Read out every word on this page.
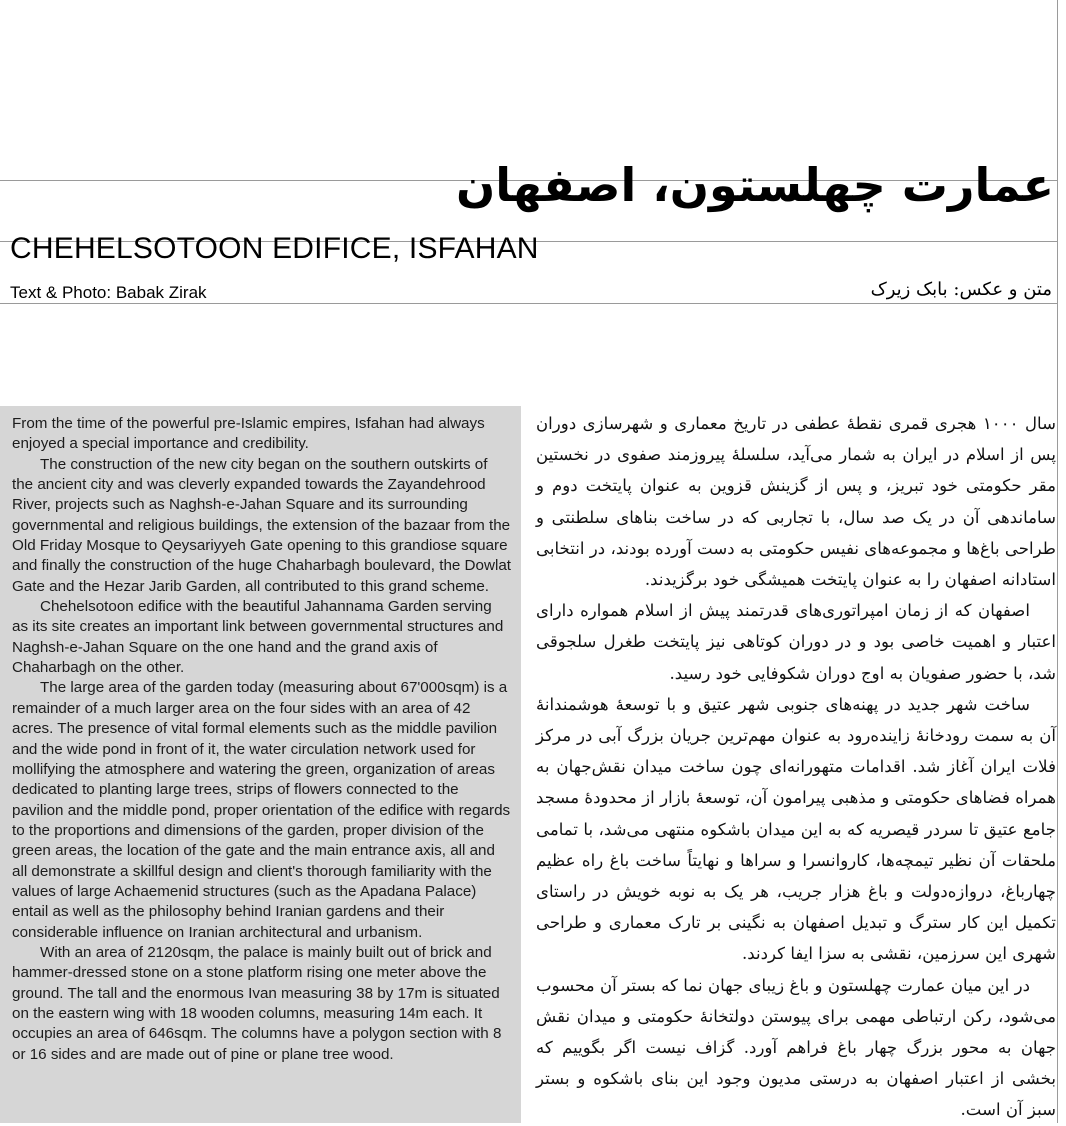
عمارت چهلستون، اصفهان
CHEHELSOTOON EDIFICE, ISFAHAN
Text & Photo: Babak Zirak	متن و عکس: بابک زیرک

From the time of the powerful pre-Islamic empires, Isfahan had always enjoyed a special importance and credibility.

The construction of the new city began on the southern outskirts of the ancient city and was cleverly expanded towards the Zayandehrood River, projects such as Naghsh-e-Jahan Square and its surrounding governmental and religious buildings, the extension of the bazaar from the Old Friday Mosque to Qeysariyyeh Gate opening to this grandiose square and finally the construction of the huge Chaharbagh boulevard, the Dowlat Gate and the Hezar Jarib Garden, all contributed to this grand scheme.

Chehelsotoon edifice with the beautiful Jahannama Garden serving as its site creates an important link between governmental structures and Naghsh-e-Jahan Square on the one hand and the grand axis of Chaharbagh on the other.

The large area of the garden today (measuring about 67'000sqm) is a remainder of a much larger area on the four sides with an area of 42 acres. The presence of vital formal elements such as the middle pavilion and the wide pond in front of it, the water circulation network used for mollifying the atmosphere and watering the green, organization of areas dedicated to planting large trees, strips of flowers connected to the pavilion and the middle pond, proper orientation of the edifice with regards to the proportions and dimensions of the garden, proper division of the green areas, the location of the gate and the main entrance axis, all and all demonstrate a skillful design and client's thorough familiarity with the values of large Achaemenid structures (such as the Apadana Palace) entail as well as the philosophy behind Iranian gardens and their considerable influence on Iranian architectural and urbanism.

With an area of 2120sqm, the palace is mainly built out of brick and hammer-dressed stone on a stone platform rising one meter above the ground. The tall and the enormous Ivan measuring 38 by 17m is situated on the eastern wing with 18 wooden columns, measuring 14m each. It occupies an area of 646sqm. The columns have a polygon section with 8 or 16 sides and are made out of pine or plane tree wood.

سال ۱۰۰۰ هجری قمری نقطهٔ عطفی در تاریخ معماری و شهرسازی دوران پس از اسلام در ایران به شمار می‌آید، سلسلهٔ پیروزمند صفوی در نخستین مقر حکومتی خود تبریز، و پس از گزینش قزوین به عنوان پایتخت دوم و ساماندهی آن در یک صد سال، با تجاربی که در ساخت بناهای سلطنتی و طراحی باغ‌ها و مجموعه‌های نفیس حکومتی به دست آورده بودند، در انتخابی استادانه اصفهان را به عنوان پایتخت همیشگی خود برگزیدند.

اصفهان که از زمان امپراتوری‌های قدرتمند پیش از اسلام همواره دارای اعتبار و اهمیت خاصی بود و در دوران کوتاهی نیز پایتخت طغرل سلجوقی شد، با حضور صفویان به اوج دوران شکوفایی خود رسید.

ساخت شهر جدید در پهنه‌های جنوبی شهر عتیق و با توسعهٔ هوشمندانهٔ آن به سمت رودخانهٔ زاینده‌رود به عنوان مهم‌ترین جریان بزرگ آبی در مرکز فلات ایران آغاز شد. اقدامات متهورانه‌ای چون ساخت میدان نقش‌جهان به همراه فضاهای حکومتی و مذهبی پیرامون آن، توسعهٔ بازار از محدودهٔ مسجد جامع عتیق تا سردر قیصریه که به این میدان باشکوه منتهی می‌شد، با تمامی ملحقات آن نظیر تیمچه‌ها، کاروانسرا و سراها و نهایتاً ساخت باغ راه عظیم چهارباغ، دروازه‌دولت و باغ هزار جریب، هر یک به نوبه خویش در راستای تکمیل این کار سترگ و تبدیل اصفهان به نگینی بر تارک معماری و طراحی شهری این سرزمین، نقشی به سزا ایفا کردند.

در این میان عمارت چهلستون و باغ زیبای جهان نما که بستر آن محسوب می‌شود، رکن ارتباطی مهمی برای پیوستن دولتخانهٔ حکومتی و میدان نقش جهان به محور بزرگ چهار باغ فراهم آورد. گزاف نیست اگر بگوییم که بخشی از اعتبار اصفهان به درستی مدیون وجود این بنای باشکوه و بستر سبز آن است.
